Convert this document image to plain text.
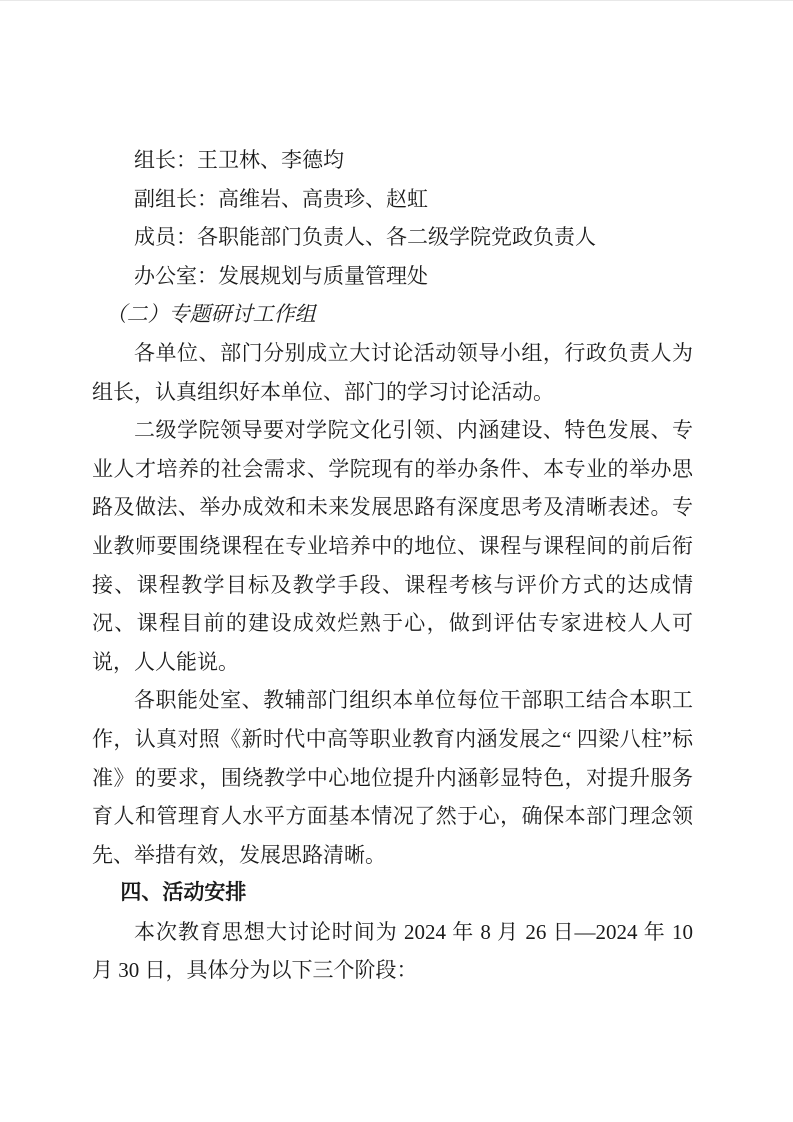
组长：王卫林、李德均

副组长：高维岩、高贵珍、赵虹

成员：各职能部门负责人、各二级学院党政负责人

办公室：发展规划与质量管理处

（二）专题研讨工作组

各单位、部门分别成立大讨论活动领导小组，行政负责人为组长，认真组织好本单位、部门的学习讨论活动。

二级学院领导要对学院文化引领、内涵建设、特色发展、专业人才培养的社会需求、学院现有的举办条件、本专业的举办思路及做法、举办成效和未来发展思路有深度思考及清晰表述。专业教师要围绕课程在专业培养中的地位、课程与课程间的前后衔接、课程教学目标及教学手段、课程考核与评价方式的达成情况、课程目前的建设成效烂熟于心，做到评估专家进校人人可说，人人能说。

各职能处室、教辅部门组织本单位每位干部职工结合本职工作，认真对照《新时代中高等职业教育内涵发展之“ 四梁八柱”标准》的要求，围绕教学中心地位提升内涵彰显特色，对提升服务育人和管理育人水平方面基本情况了然于心，确保本部门理念领先、举措有效，发展思路清晰。

四、活动安排

本次教育思想大讨论时间为 2024 年 8 月 26 日—2024 年 10 月 30 日，具体分为以下三个阶段：
